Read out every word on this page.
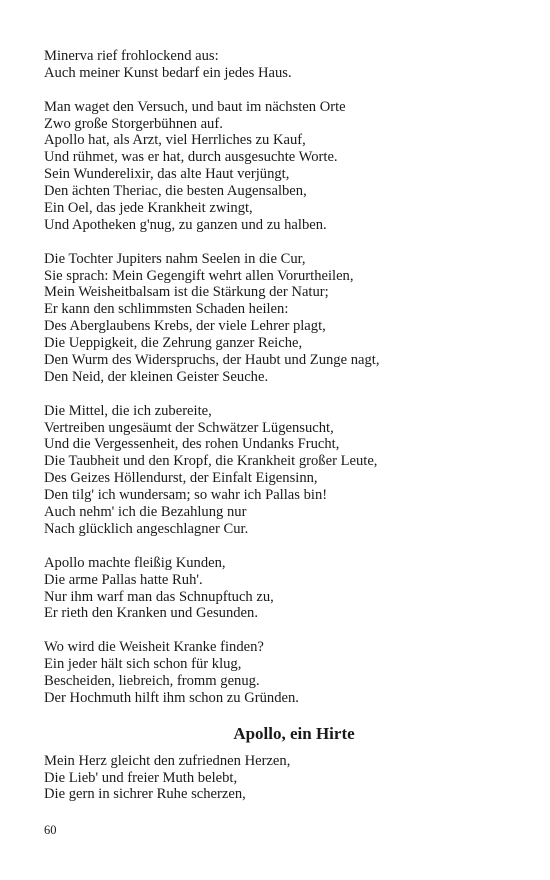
Minerva rief frohlockend aus:
Auch meiner Kunst bedarf ein jedes Haus.
Man waget den Versuch, und baut im nächsten Orte
Zwo große Storgerbühnen auf.
Apollo hat, als Arzt, viel Herrliches zu Kauf,
Und rühmet, was er hat, durch ausgesuchte Worte.
Sein Wunderelixir, das alte Haut verjüngt,
Den ächten Theriac, die besten Augensalben,
Ein Oel, das jede Krankheit zwingt,
Und Apotheken g'nug, zu ganzen und zu halben.
Die Tochter Jupiters nahm Seelen in die Cur,
Sie sprach: Mein Gegengift wehrt allen Vorurtheilen,
Mein Weisheitbalsam ist die Stärkung der Natur;
Er kann den schlimmsten Schaden heilen:
Des Aberglaubens Krebs, der viele Lehrer plagt,
Die Ueppigkeit, die Zehrung ganzer Reiche,
Den Wurm des Widerspruchs, der Haubt und Zunge nagt,
Den Neid, der kleinen Geister Seuche.
Die Mittel, die ich zubereite,
Vertreiben ungesäumt der Schwätzer Lügensucht,
Und die Vergessenheit, des rohen Undanks Frucht,
Die Taubheit und den Kropf, die Krankheit großer Leute,
Des Geizes Höllendurst, der Einfalt Eigensinn,
Den tilg' ich wundersam; so wahr ich Pallas bin!
Auch nehm' ich die Bezahlung nur
Nach glücklich angeschlagner Cur.
Apollo machte fleißig Kunden,
Die arme Pallas hatte Ruh'.
Nur ihm warf man das Schnupftuch zu,
Er rieth den Kranken und Gesunden.
Wo wird die Weisheit Kranke finden?
Ein jeder hält sich schon für klug,
Bescheiden, liebreich, fromm genug.
Der Hochmuth hilft ihm schon zu Gründen.
Apollo, ein Hirte
Mein Herz gleicht den zufriednen Herzen,
Die Lieb' und freier Muth belebt,
Die gern in sichrer Ruhe scherzen,
60
